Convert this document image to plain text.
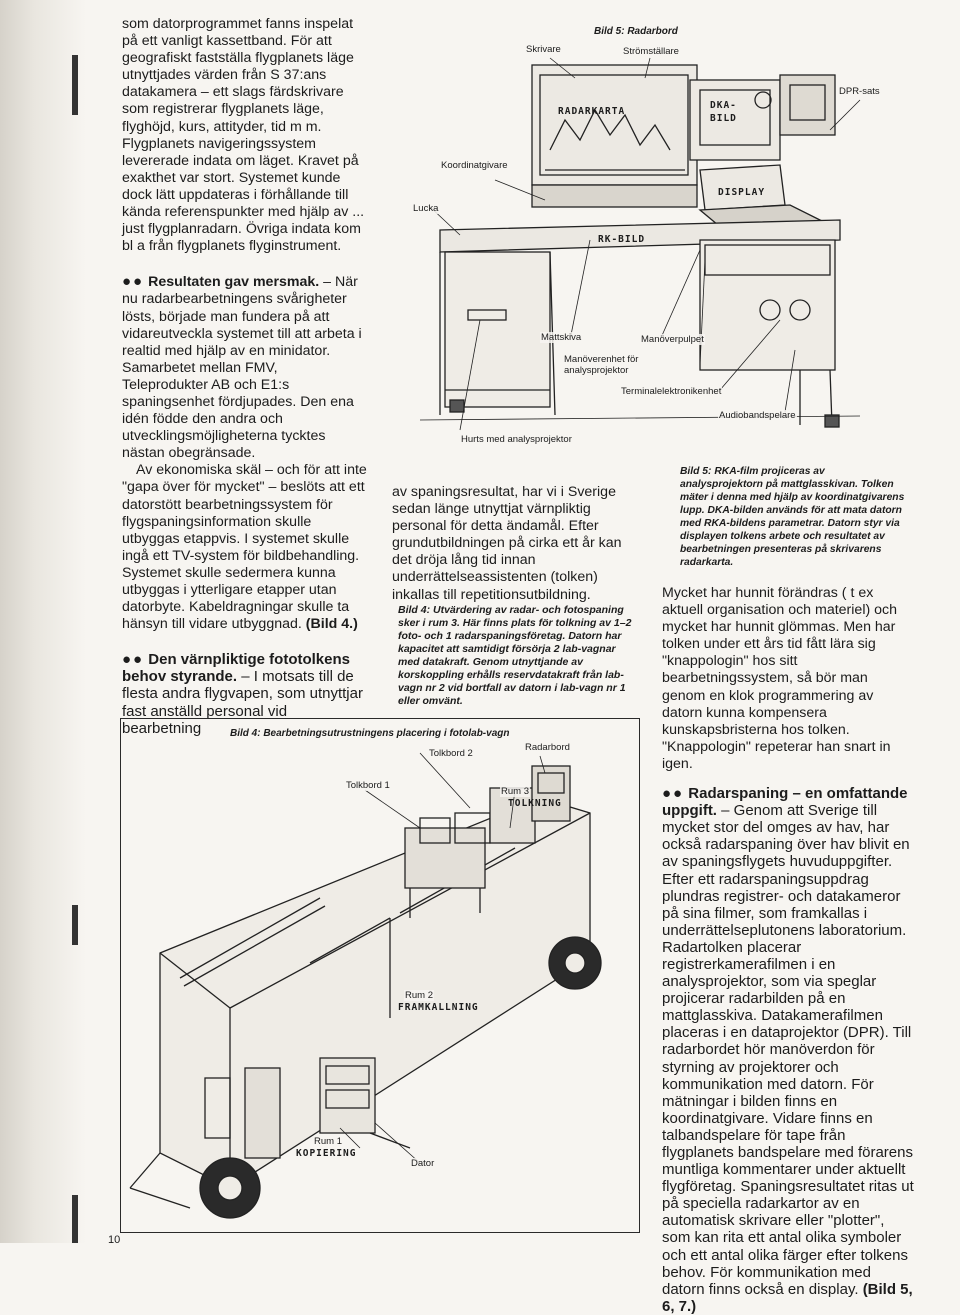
som datorprogrammet fanns inspelat på ett vanligt kassettband. För att geografiskt fastställa flygplanets läge utnyttjades värden från S 37:ans datakamera – ett slags färdskrivare som registrerar flygplanets läge, flyghöjd, kurs, attityder, tid m m. Flygplanets navigeringssystem levererade indata om läget. Kravet på exakthet var stort. Systemet kunde dock lätt uppdateras i förhållande till kända referenspunkter med hjälp av ... just flygplanradarn. Övriga indata kom bl a från flygplanets flyginstrument.

●● Resultaten gav mersmak. – När nu radarbearbetningens svårigheter lösts, började man fundera på att vidareutveckla systemet till att arbeta i realtid med hjälp av en minidator. Samarbetet mellan FMV, Teleprodukter AB och E1:s spaningsenhet fördjupades. Den ena idén födde den andra och utvecklingsmöjligheterna tycktes nästan obegränsade.

Av ekonomiska skäl – och för att inte "gapa över för mycket" – beslöts att ett datorstött bearbetningssystem för flygspaningsinformation skulle utbyggas etappvis. I systemet skulle ingå ett TV-system för bildbehandling. Systemet skulle sedermera kunna utbyggas i ytterligare etapper utan datorbyte. Kabeldragningar skulle ta hänsyn till vidare utbyggnad. (Bild 4.)

●● Den värnpliktige fototolkens behov styrande. – I motsats till de flesta andra flygvapen, som utnyttjar fast anställd personal vid bearbetning

Bild 5: Radarbord
Skrivare	Strömställare
DPR-sats
Koordinatgivare
Lucka
RADARKARTA
DKA-
BILD
DISPLAY
RK-BILD
Mattskiva	Manöverpulpet
Manöverenhet för analysprojektor
Terminalelektronikenhet
Audiobandspelare
Hurts med analysprojektor

av spaningsresultat, har vi i Sverige sedan länge utnyttjat värnpliktig personal för detta ändamål. Efter grundutbildningen på cirka ett år kan det dröja lång tid innan underrättelseassistenten (tolken) inkallas till repetitionsutbildning.

Bild 4: Utvärdering av radar- och fotospaning sker i rum 3. Här finns plats för tolkning av 1–2 foto- och 1 radarspaningsföretag. Datorn har kapacitet att samtidigt försörja 2 lab-vagnar med datakraft. Genom utnyttjande av korskoppling erhålls reservdatakraft från lab-vagn nr 2 vid bortfall av datorn i lab-vagn nr 1 eller omvänt.
Bild 5: RKA-film projiceras av analysprojektorn på mattglasskivan. Tolken mäter i denna med hjälp av koordinatgivarens lupp. DKA-bilden används för att mata datorn med RKA-bildens parametrar. Datorn styr via displayen tolkens arbete och resultatet av bearbetningen presenteras på skrivarens radarkarta.

Mycket har hunnit förändras ( t ex aktuell organisation och materiel) och mycket har hunnit glömmas. Men har tolken under ett års tid fått lära sig "knappologin" hos sitt bearbetningssystem, så bör man genom en klok programmering av datorn kunna kompensera kunskapsbristerna hos tolken. "Knappologin" repeterar han snart in igen.

●● Radarspaning – en omfattande uppgift. – Genom att Sverige till mycket stor del omges av hav, har också radarspaning över hav blivit en av spaningsflygets huvuduppgifter. Efter ett radarspaningsuppdrag plundras registrer- och datakameror på sina filmer, som framkallas i underrättelseplutonens laboratorium. Radartolken placerar registrerkamerafilmen i en analysprojektor, som via speglar projicerar radarbilden på en mattglasskiva. Datakamerafilmen placeras i en dataprojektor (DPR). Till radarbordet hör manöverdon för styrning av projektorer och kommunikation med datorn. För mätningar i bilden finns en koordinatgivare. Vidare finns en talbandspelare för tape från flygplanets bandspelare med förarens muntliga kommentarer under aktuellt flygföretag. Spaningsresultatet ritas ut på speciella radarkartor av en automatisk skrivare eller "plotter", som kan rita ett antal olika symboler och ett antal olika färger efter tolkens behov. För kommunikation med datorn finns också en display. (Bild 5, 6, 7.)

Bild 4: Bearbetningsutrustningens placering i fotolab-vagn
Tolkbord 2
Radarbord
Tolkbord 1
Rum 3
TOLKNING
Rum 2
FRAMKALLNING
Rum 1
KOPIERING
Dator
10
